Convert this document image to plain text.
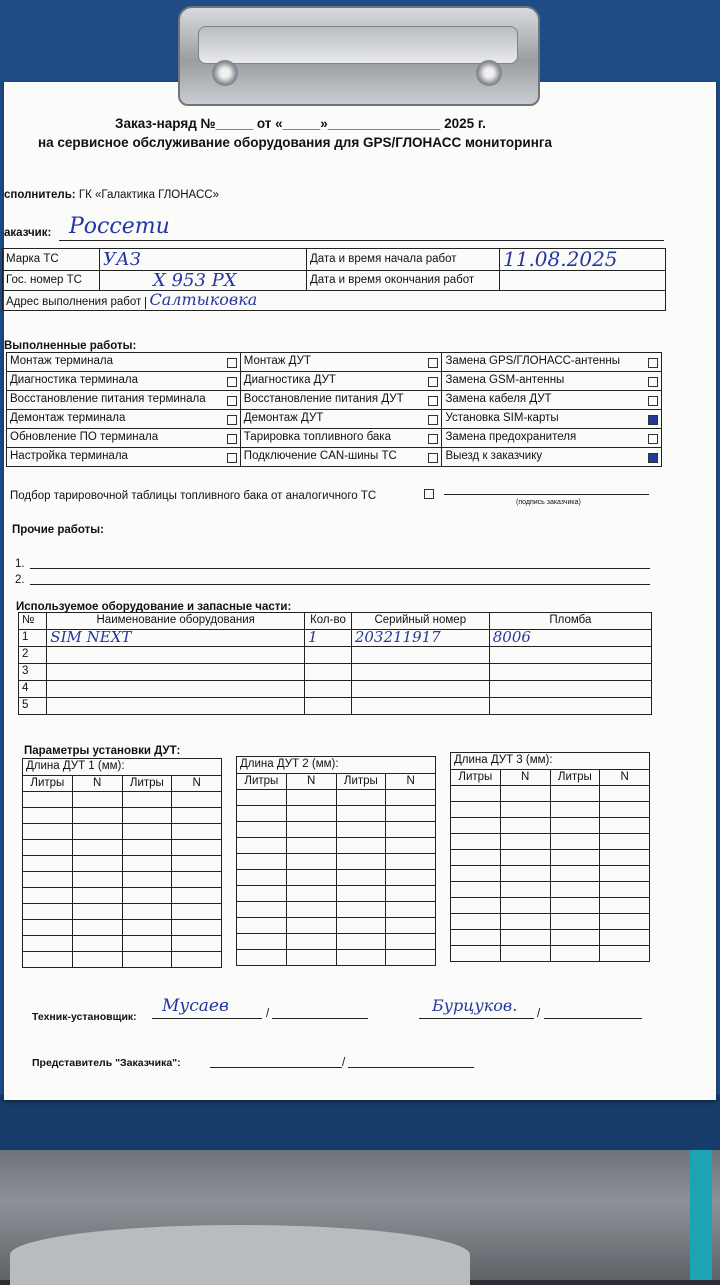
Заказ-наряд №_____ от «_____»_______________ 2025 г.
на сервисное обслуживание оборудования для GPS/ГЛОНАСС мониторинга
сполнитель: ГК «Галактика ГЛОНАСС»
аказчик: Россети
Марка ТС	УАЗ	Дата и время начала работ	11.08.2025
Гос. номер ТС	Х 953 РХ	Дата и время окончания работ	
Адрес выполнения работ Салтыковка			
Выполненные работы:
Монтаж терминала	Монтаж ДУТ	Замена GPS/ГЛОНАСС-антенны

Диагностика терминала	Диагностика ДУТ	Замена GSM-антенны

Восстановление питания терминала	Восстановление питания ДУТ	Замена кабеля ДУТ

Демонтаж терминала	Демонтаж ДУТ	Установка SIM-карты

Обновление ПО терминала	Тарировка топливного бака	Замена предохранителя

Настройка терминала	Подключение CAN-шины ТС	Выезд к заказчику
Подбор тарировочной таблицы топливного бака от аналогичного ТС
(подпись заказчика)
Прочие работы:
1.
2.
Используемое оборудование и запасные части:
№	Наименование оборудования	Кол-во	Серийный номер	Пломба
1	SIM NEXT	1	203211917	8006
2				
3				
4				
5				
Параметры установки ДУТ:
Длина ДУТ 1 (мм):			
Литры	N	Литры	N

Длина ДУТ 2 (мм):			
Литры	N	Литры	N

Длина ДУТ 3 (мм):			
Литры	N	Литры	N

Техник-установщик:
Мусаев	/	Бурцуков. /
Представитель "Заказчика":	/
